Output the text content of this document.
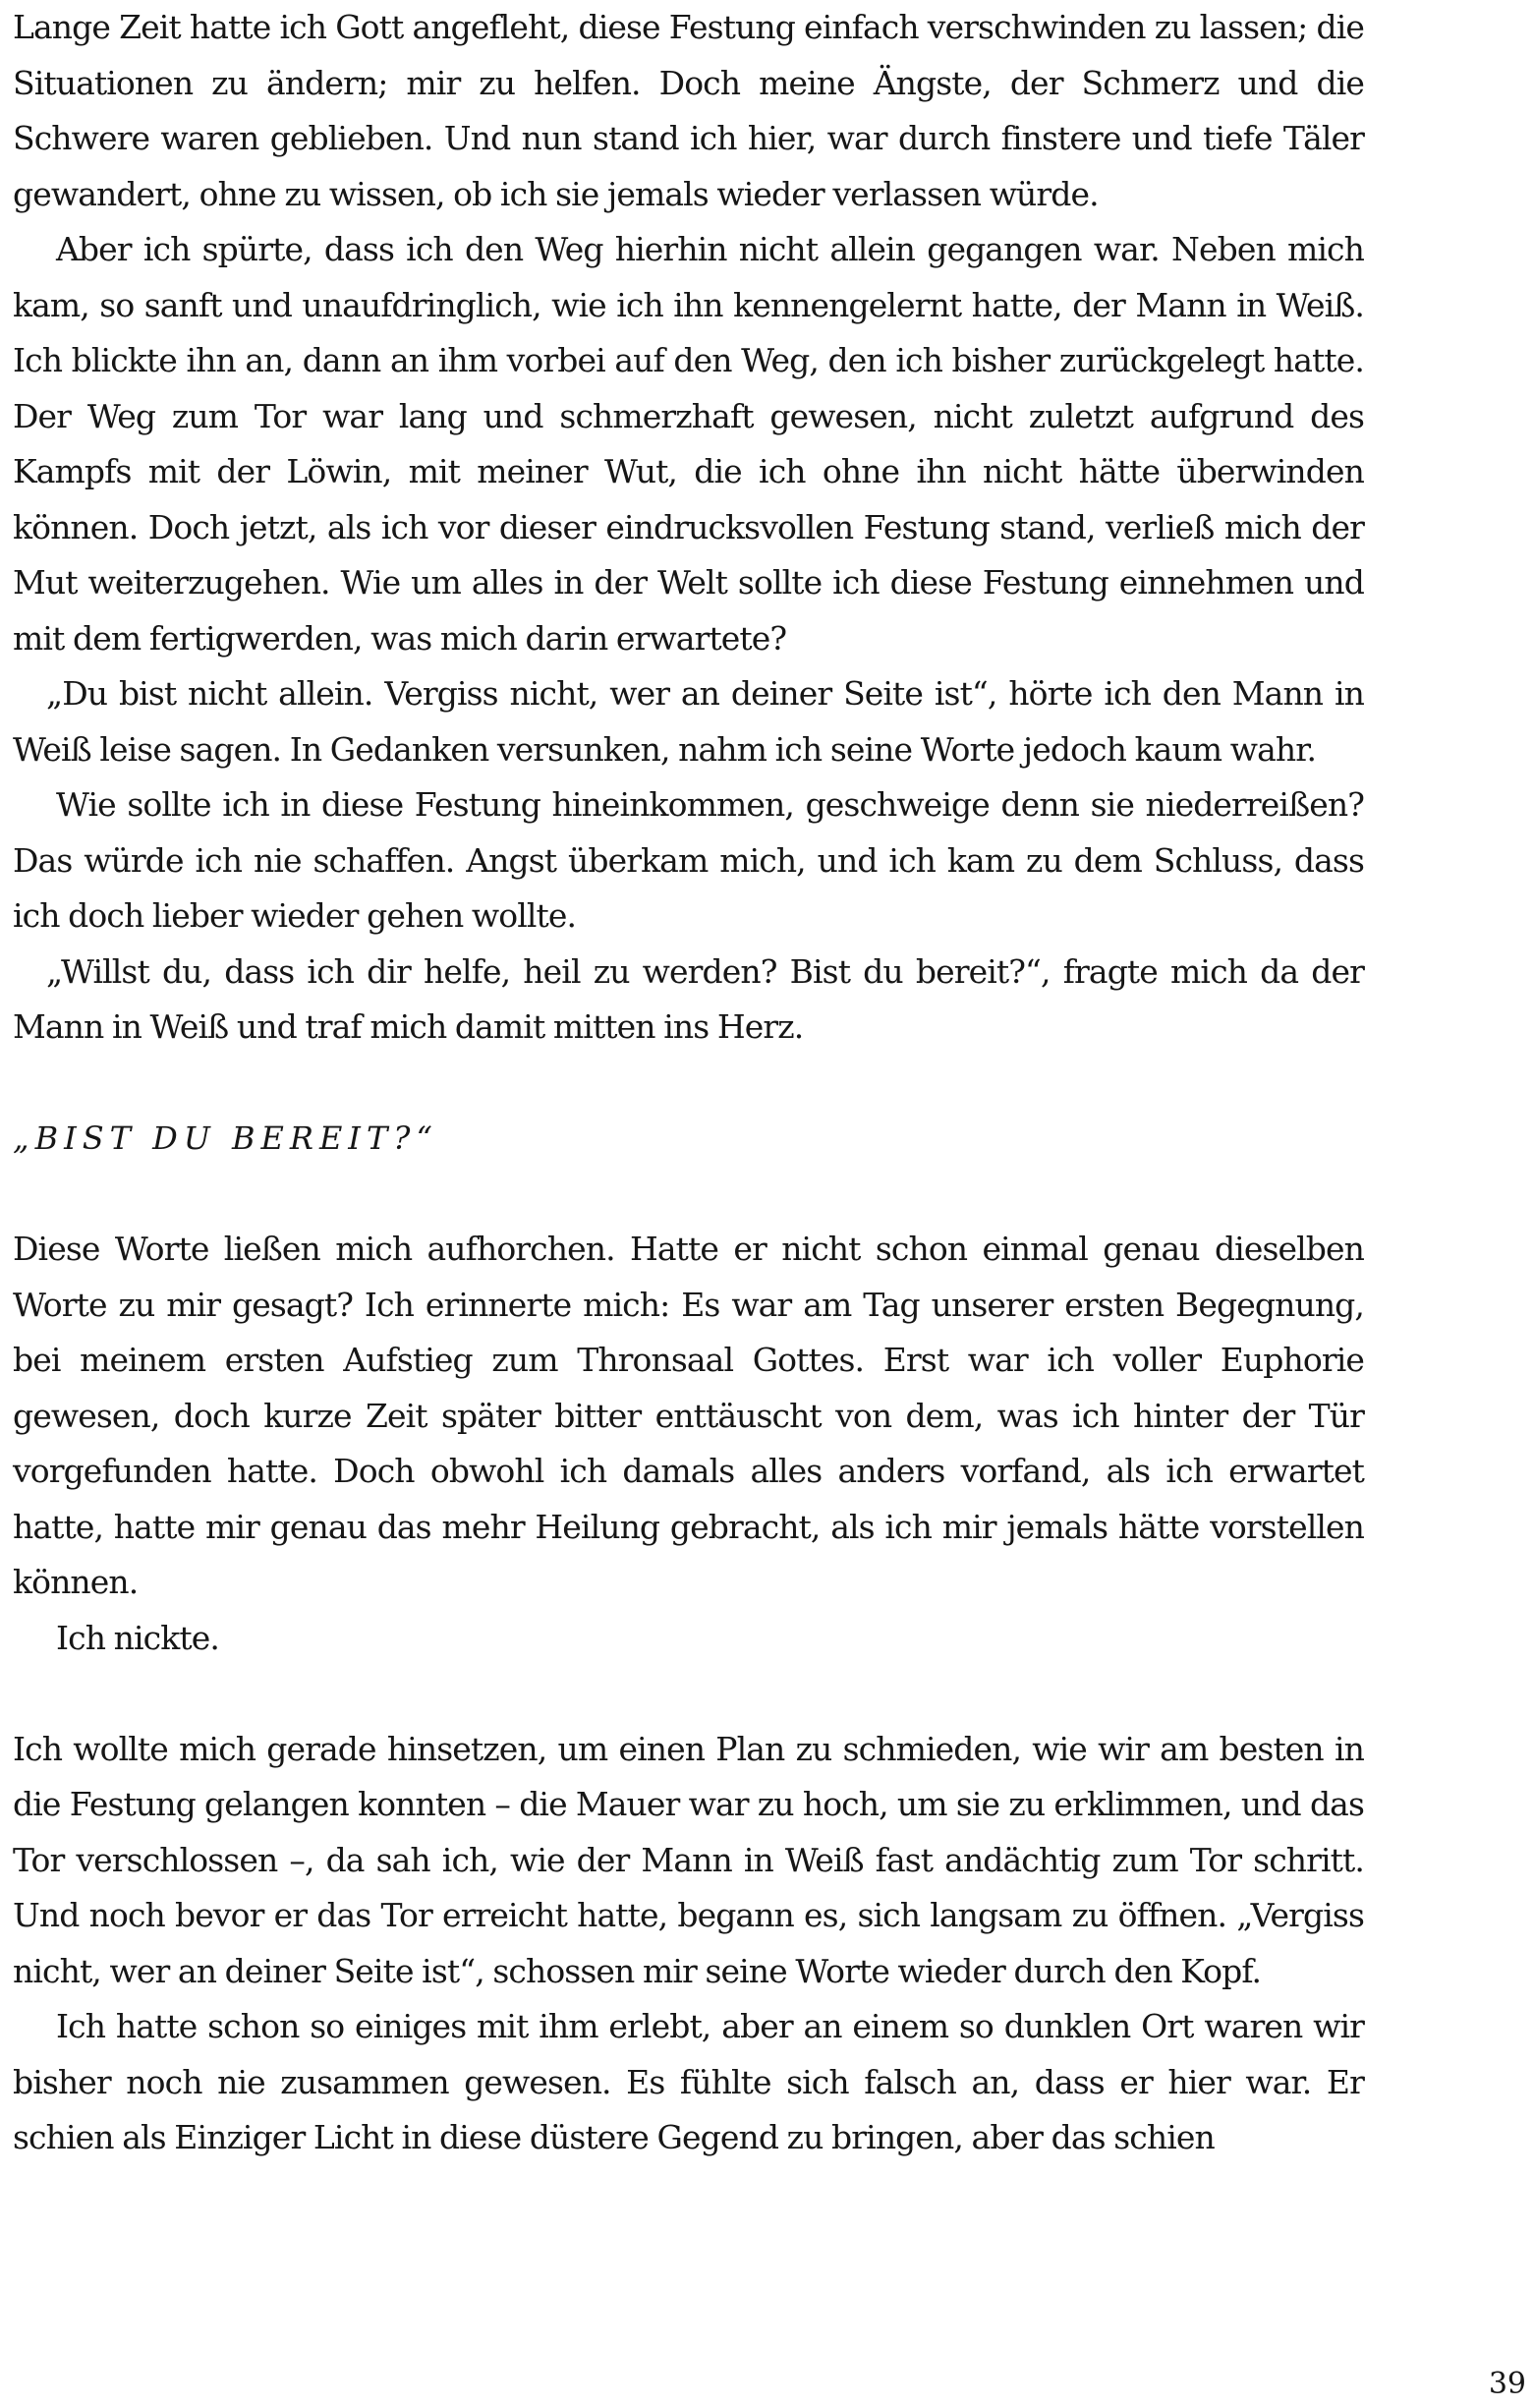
Lange Zeit hatte ich Gott angefleht, diese Festung einfach verschwinden zu lassen; die Situationen zu ändern; mir zu helfen. Doch meine Ängste, der Schmerz und die Schwere waren geblieben. Und nun stand ich hier, war durch finstere und tiefe Täler gewandert, ohne zu wissen, ob ich sie jemals wieder verlassen würde.

Aber ich spürte, dass ich den Weg hierhin nicht allein gegangen war. Neben mich kam, so sanft und unaufdringlich, wie ich ihn kennengelernt hatte, der Mann in Weiß. Ich blickte ihn an, dann an ihm vorbei auf den Weg, den ich bisher zurückgelegt hatte. Der Weg zum Tor war lang und schmerzhaft gewesen, nicht zuletzt aufgrund des Kampfs mit der Löwin, mit meiner Wut, die ich ohne ihn nicht hätte überwinden können. Doch jetzt, als ich vor dieser eindrucksvollen Festung stand, verließ mich der Mut weiterzugehen. Wie um alles in der Welt sollte ich diese Festung einnehmen und mit dem fertigwerden, was mich darin erwartete?

„Du bist nicht allein. Vergiss nicht, wer an deiner Seite ist“, hörte ich den Mann in Weiß leise sagen. In Gedanken versunken, nahm ich seine Worte jedoch kaum wahr.

Wie sollte ich in diese Festung hineinkommen, geschweige denn sie niederreißen? Das würde ich nie schaffen. Angst überkam mich, und ich kam zu dem Schluss, dass ich doch lieber wieder gehen wollte.

„Willst du, dass ich dir helfe, heil zu werden? Bist du bereit?“, fragte mich da der Mann in Weiß und traf mich damit mitten ins Herz.

„BIST DU BEREIT?“

Diese Worte ließen mich aufhorchen. Hatte er nicht schon einmal genau dieselben Worte zu mir gesagt? Ich erinnerte mich: Es war am Tag unserer ersten Begegnung, bei meinem ersten Aufstieg zum Thronsaal Gottes. Erst war ich voller Euphorie gewesen, doch kurze Zeit später bitter enttäuscht von dem, was ich hinter der Tür vorgefunden hatte. Doch obwohl ich damals alles anders vorfand, als ich erwartet hatte, hatte mir genau das mehr Heilung gebracht, als ich mir jemals hätte vorstellen können.

Ich nickte.

Ich wollte mich gerade hinsetzen, um einen Plan zu schmieden, wie wir am besten in die Festung gelangen konnten – die Mauer war zu hoch, um sie zu erklimmen, und das Tor verschlossen –, da sah ich, wie der Mann in Weiß fast andächtig zum Tor schritt. Und noch bevor er das Tor erreicht hatte, begann es, sich langsam zu öffnen. „Vergiss nicht, wer an deiner Seite ist“, schossen mir seine Worte wieder durch den Kopf.

Ich hatte schon so einiges mit ihm erlebt, aber an einem so dunklen Ort waren wir bisher noch nie zusammen gewesen. Es fühlte sich falsch an, dass er hier war. Er schien als Einziger Licht in diese düstere Gegend zu bringen, aber das schien

39
